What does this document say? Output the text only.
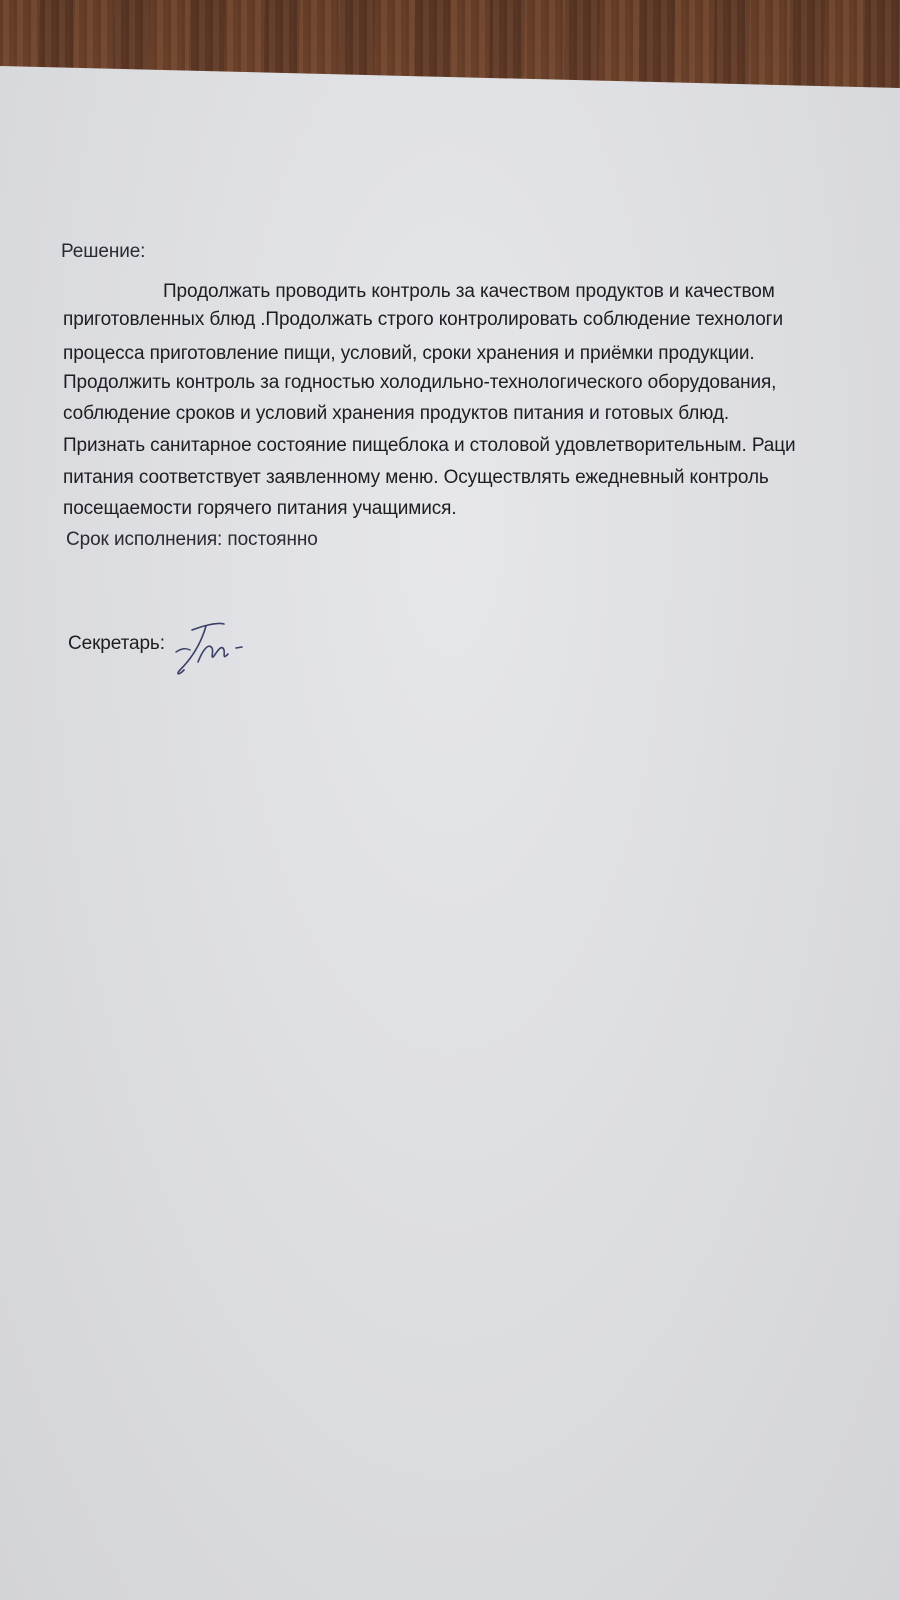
Решение:
Продолжать проводить контроль за качеством продуктов и качеством
приготовленных блюд .Продолжать строго контролировать соблюдение технологи
процесса приготовление пищи, условий, сроки хранения и приёмки продукции.
Продолжить контроль за годностью холодильно-технологического оборудования,
соблюдение сроков и условий хранения продуктов питания и готовых блюд.
Признать санитарное состояние пищеблока и столовой удовлетворительным. Раци
питания соответствует заявленному меню. Осуществлять ежедневный контроль
посещаемости горячего питания учащимися.
Срок исполнения: постоянно
Секретарь:
